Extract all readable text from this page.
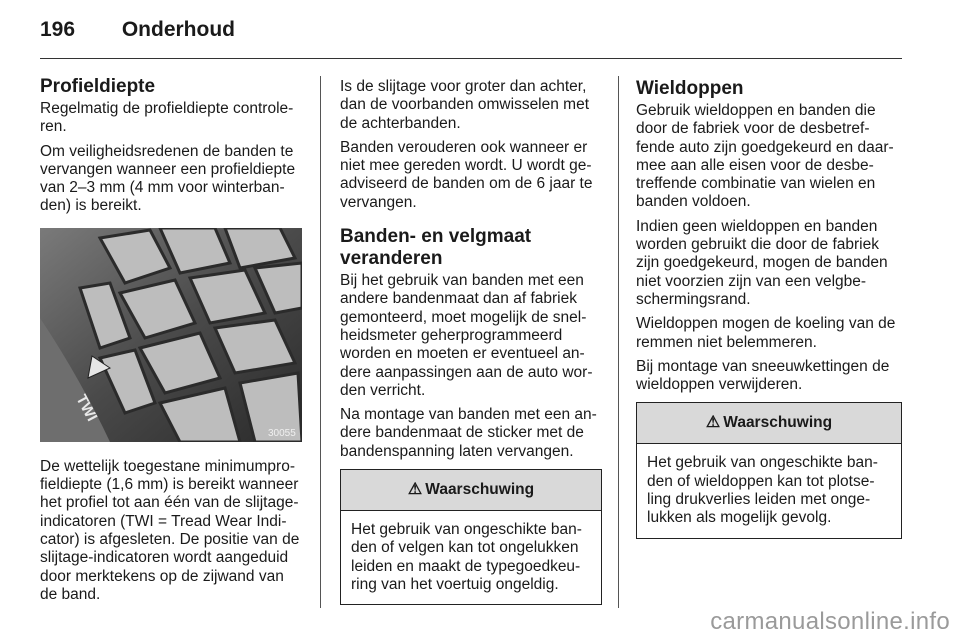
196 Onderhoud
Profieldiepte

Regelmatig de profieldiepte controle-ren.

Om veiligheidsredenen de banden te vervangen wanneer een profieldiepte van 2–3 mm (4 mm voor winterban-den) is bereikt.

TWI
30055

De wettelijk toegestane minimumpro-fieldiepte (1,6 mm) is bereikt wanneer het profiel tot aan één van de slijtage-indicatoren (TWI = Tread Wear Indi-cator) is afgesleten. De positie van de slijtage-indicatoren wordt aangeduid door merktekens op de zijwand van de band.

Is de slijtage voor groter dan achter, dan de voorbanden omwisselen met de achterbanden.

Banden verouderen ook wanneer er niet mee gereden wordt. U wordt ge-adviseerd de banden om de 6 jaar te vervangen.

Banden- en velgmaat veranderen

Bij het gebruik van banden met een andere bandenmaat dan af fabriek gemonteerd, moet mogelijk de snel-heidsmeter geherprogrammeerd worden en moeten er eventueel an-dere aanpassingen aan de auto wor-den verricht.

Na montage van banden met een an-dere bandenmaat de sticker met de bandenspanning laten vervangen.

⚠ Waarschuwing
Het gebruik van ongeschikte ban-den of velgen kan tot ongelukken leiden en maakt de typegoedkeu-ring van het voertuig ongeldig.
Wieldoppen

Gebruik wieldoppen en banden die door de fabriek voor de desbetref-fende auto zijn goedgekeurd en daar-mee aan alle eisen voor de desbe-treffende combinatie van wielen en banden voldoen.

Indien geen wieldoppen en banden worden gebruikt die door de fabriek zijn goedgekeurd, mogen de banden niet voorzien zijn van een velgbe-schermingsrand.

Wieldoppen mogen de koeling van de remmen niet belemmeren.

Bij montage van sneeuwkettingen de wieldoppen verwijderen.

⚠ Waarschuwing
Het gebruik van ongeschikte ban-den of wieldoppen kan tot plotse-ling drukverlies leiden met onge-lukken als mogelijk gevolg.
carmanualsonline.info
